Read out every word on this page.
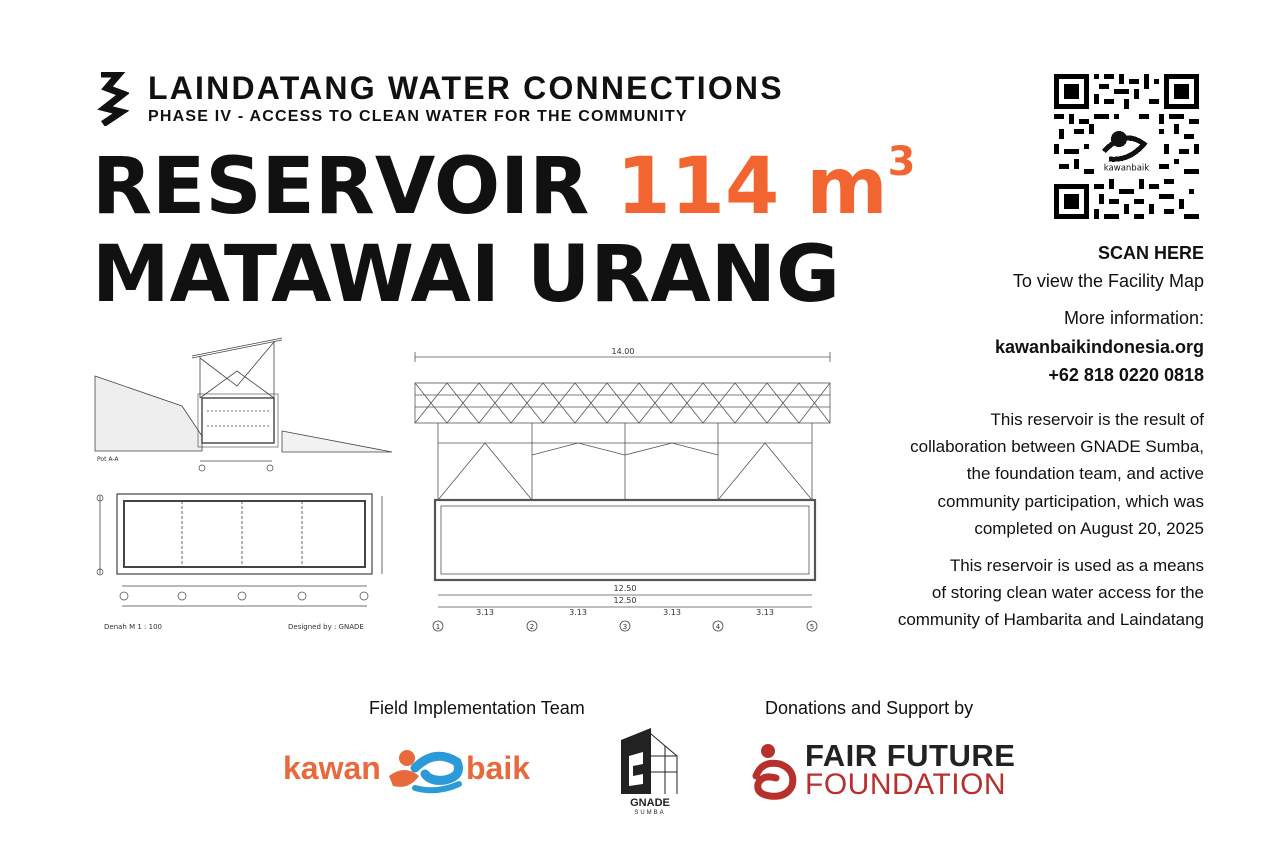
LAINDATANG WATER CONNECTIONS
PHASE IV - ACCESS TO CLEAN WATER FOR THE COMMUNITY
RESERVOIR 114 $m^3$
MATAWAI URANG
kawanbaik
SCAN HERE
To view the Facility Map
More information:
kawanbaikindonesia.org
+62 818 0220 0818
This reservoir is the result of
collaboration between GNADE Sumba,
the foundation team, and active
community participation, which was
completed on August 20, 2025
This reservoir is used as a means
of storing clean water access for the
community of Hambarita and Laindatang
Pot A-A
Denah M 1 : 100	Designed by : GNADE
14.00
12.50
12.50
3.13	3.13	3.13	3.13
1	2	3	4	5
Field Implementation Team	Donations and Support by
kawan	baik
GNADE
SUMBA
FAIR FUTURE
FOUNDATION
